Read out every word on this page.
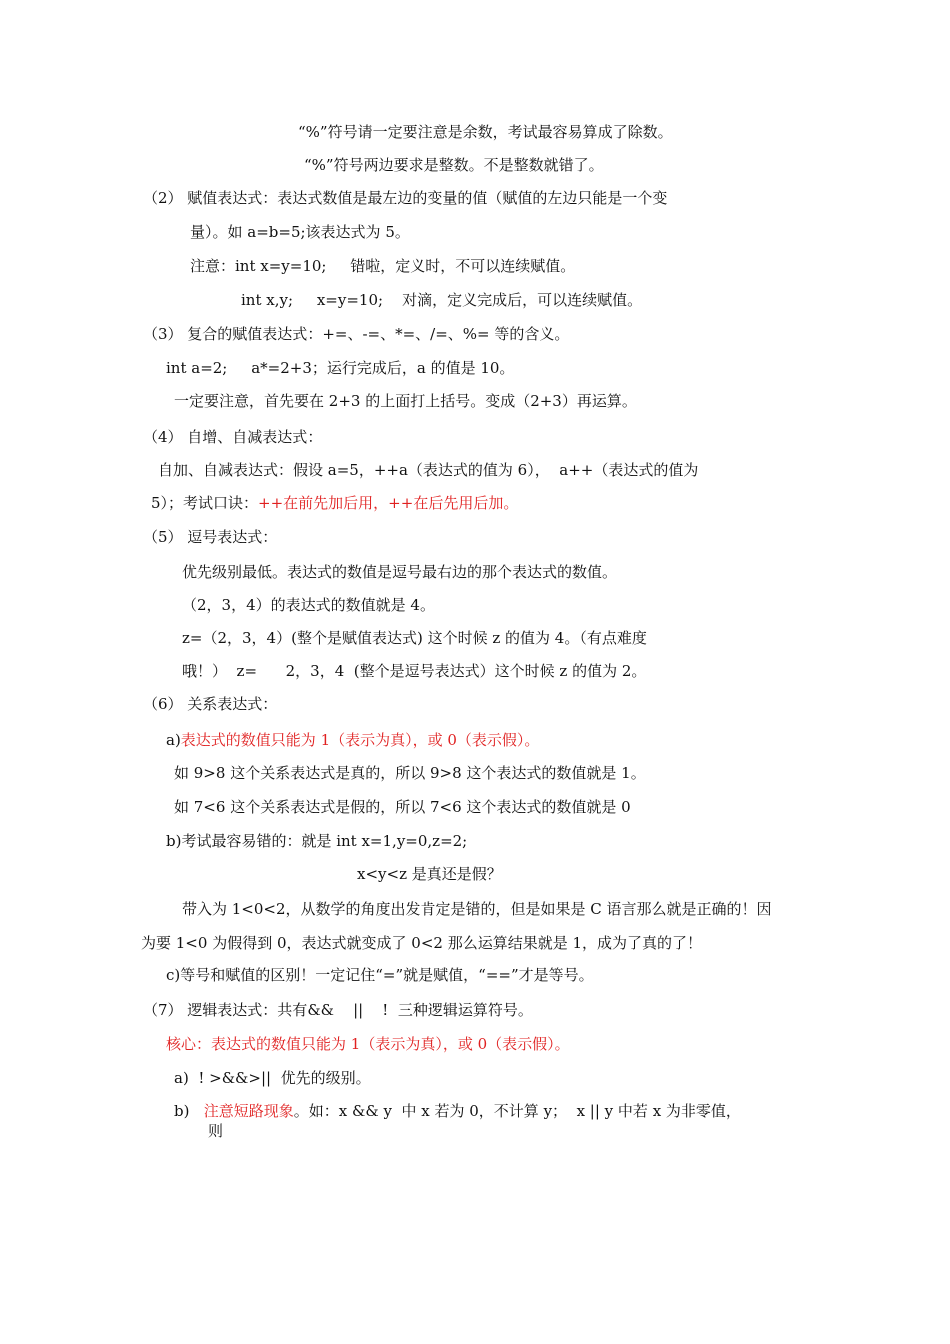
“%”符号请一定要注意是余数，考试最容易算成了除数。
“%”符号两边要求是整数。不是整数就错了。
（2） 赋值表达式：表达式数值是最左边的变量的值（赋值的左边只能是一个变
量）。如 a=b=5;该表达式为 5。
注意：int x=y=10;     错啦，定义时，不可以连续赋值。
int x,y;     x=y=10;    对滴，定义完成后，可以连续赋值。
（3） 复合的赋值表达式：+=、-=、*=、/=、%= 等的含义。
int a=2;     a*=2+3；运行完成后，a 的值是 10。
一定要注意，首先要在 2+3 的上面打上括号。变成（2+3）再运算。
（4） 自增、自减表达式：
自加、自减表达式：假设 a=5，++a（表达式的值为 6），  a++（表达式的值为
5）；考试口诀：++在前先加后用，++在后先用后加。
（5） 逗号表达式：
优先级别最低。表达式的数值是逗号最右边的那个表达式的数值。
（2，3，4）的表达式的数值就是 4。
z=（2，3，4）(整个是赋值表达式) 这个时候 z 的值为 4。（有点难度
哦！）  z=      2，3，4  (整个是逗号表达式）这个时候 z 的值为 2。
（6） 关系表达式：
a)表达式的数值只能为 1（表示为真），或 0（表示假）。
如 9>8 这个关系表达式是真的，所以 9>8 这个表达式的数值就是 1。
如 7<6 这个关系表达式是假的，所以 7<6 这个表达式的数值就是 0
b)考试最容易错的：就是 int x=1,y=0,z=2;
x<y<z 是真还是假？
带入为 1<0<2，从数学的角度出发肯定是错的，但是如果是 C 语言那么就是正确的！因
为要 1<0 为假得到 0，表达式就变成了 0<2 那么运算结果就是 1，成为了真的了！
c)等号和赋值的区别！一定记住“=”就是赋值，“==”才是等号。
（7） 逻辑表达式：共有&&    ||    !  三种逻辑运算符号。
核心：表达式的数值只能为 1（表示为真），或 0（表示假）。
a)  ! >&&>||  优先的级别。
b)   注意短路现象。如：x && y  中 x 若为 0，不计算 y；  x || y 中若 x 为非零值，
则
